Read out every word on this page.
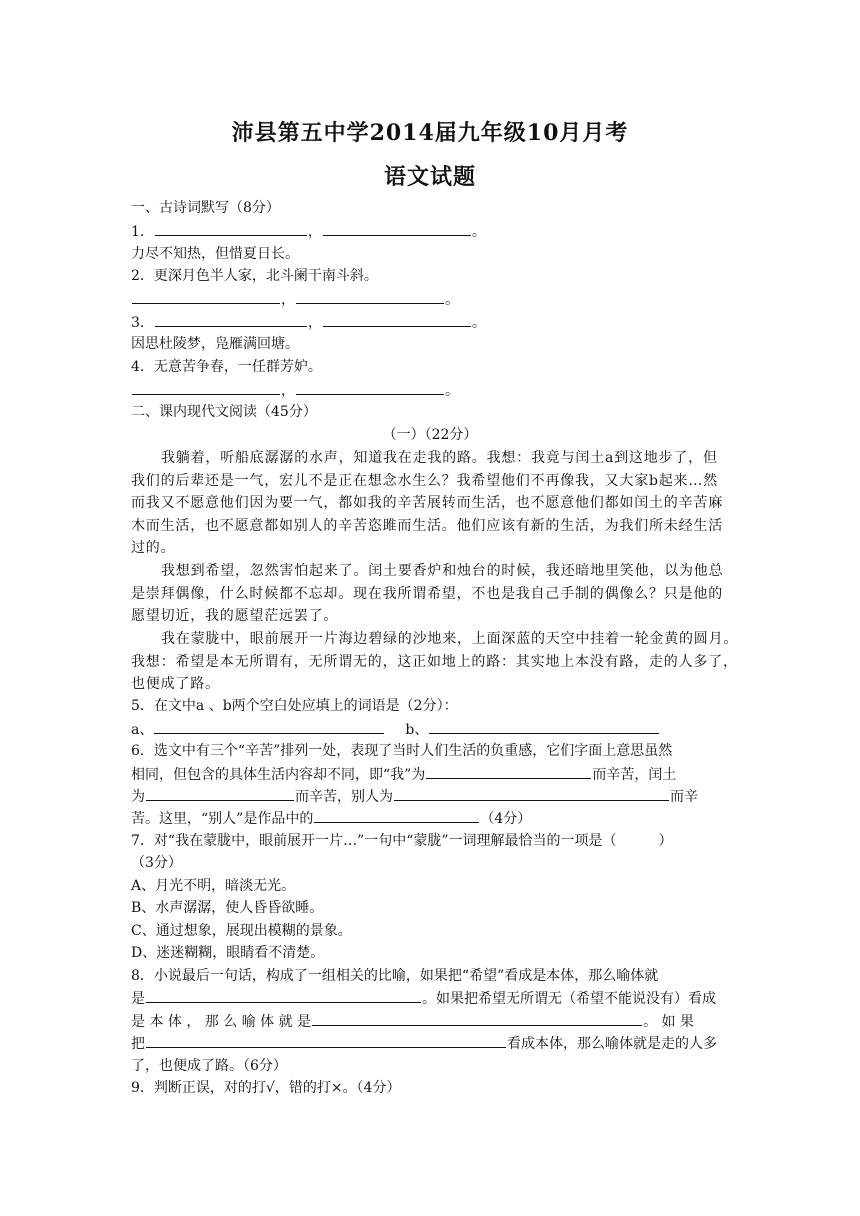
沛县第五中学2014届九年级10月月考
语文试题
一、古诗词默写（8分）
1．	，	。
力尽不知热，但惜夏日长。
2．更深月色半人家，北斗阑干南斗斜。
，	。
3．	，	。
因思杜陵梦，凫雁满回塘。
4．无意苦争春，一任群芳妒。
，	。
二、课内现代文阅读（45分）
（一）（22分）
我躺着，听船底潺潺的水声，知道我在走我的路。我想：我竟与闰土a到这地步了，但
我们的后辈还是一气，宏儿不是正在想念水生么？我希望他们不再像我，又大家b起来…然
而我又不愿意他们因为要一气，都如我的辛苦展转而生活，也不愿意他们都如闰土的辛苦麻
木而生活，也不愿意都如别人的辛苦恣雎而生活。他们应该有新的生活，为我们所未经生活
过的。
我想到希望，忽然害怕起来了。闰土要香炉和烛台的时候，我还暗地里笑他，以为他总
是崇拜偶像，什么时候都不忘却。现在我所谓希望，不也是我自己手制的偶像么？只是他的
愿望切近，我的愿望茫远罢了。
我在蒙胧中，眼前展开一片海边碧绿的沙地来，上面深蓝的天空中挂着一轮金黄的圆月。
我想：希望是本无所谓有，无所谓无的，这正如地上的路：其实地上本没有路，走的人多了，
也便成了路。
5．在文中a 、b两个空白处应填上的词语是（2分）：
a、	b、
6．选文中有三个“辛苦”排列一处，表现了当时人们生活的负重感，它们字面上意思虽然
相同，但包含的具体生活内容却不同，即“我”为	而辛苦，闰土
为	而辛苦，别人为	而辛
苦。这里，“别人”是作品中的	（4分）
7．对“我在蒙胧中，眼前展开一片…”一句中“蒙胧”一词理解最恰当的一项是（　　　）
（3分）
A、月光不明，暗淡无光。
B、水声潺潺，使人昏昏欲睡。
C、通过想象，展现出模糊的景象。
D、迷迷糊糊，眼睛看不清楚。
8．小说最后一句话，构成了一组相关的比喻，如果把“希望”看成是本体，那么喻体就
是	。如果把希望无所谓无（希望不能说没有）看成
是 本 体 ， 那 么 喻 体 就 是	。 如 果
把	看成本体，那么喻体就是走的人多
了，也便成了路。（6分）
9．判断正误，对的打√，错的打×。（4分）
